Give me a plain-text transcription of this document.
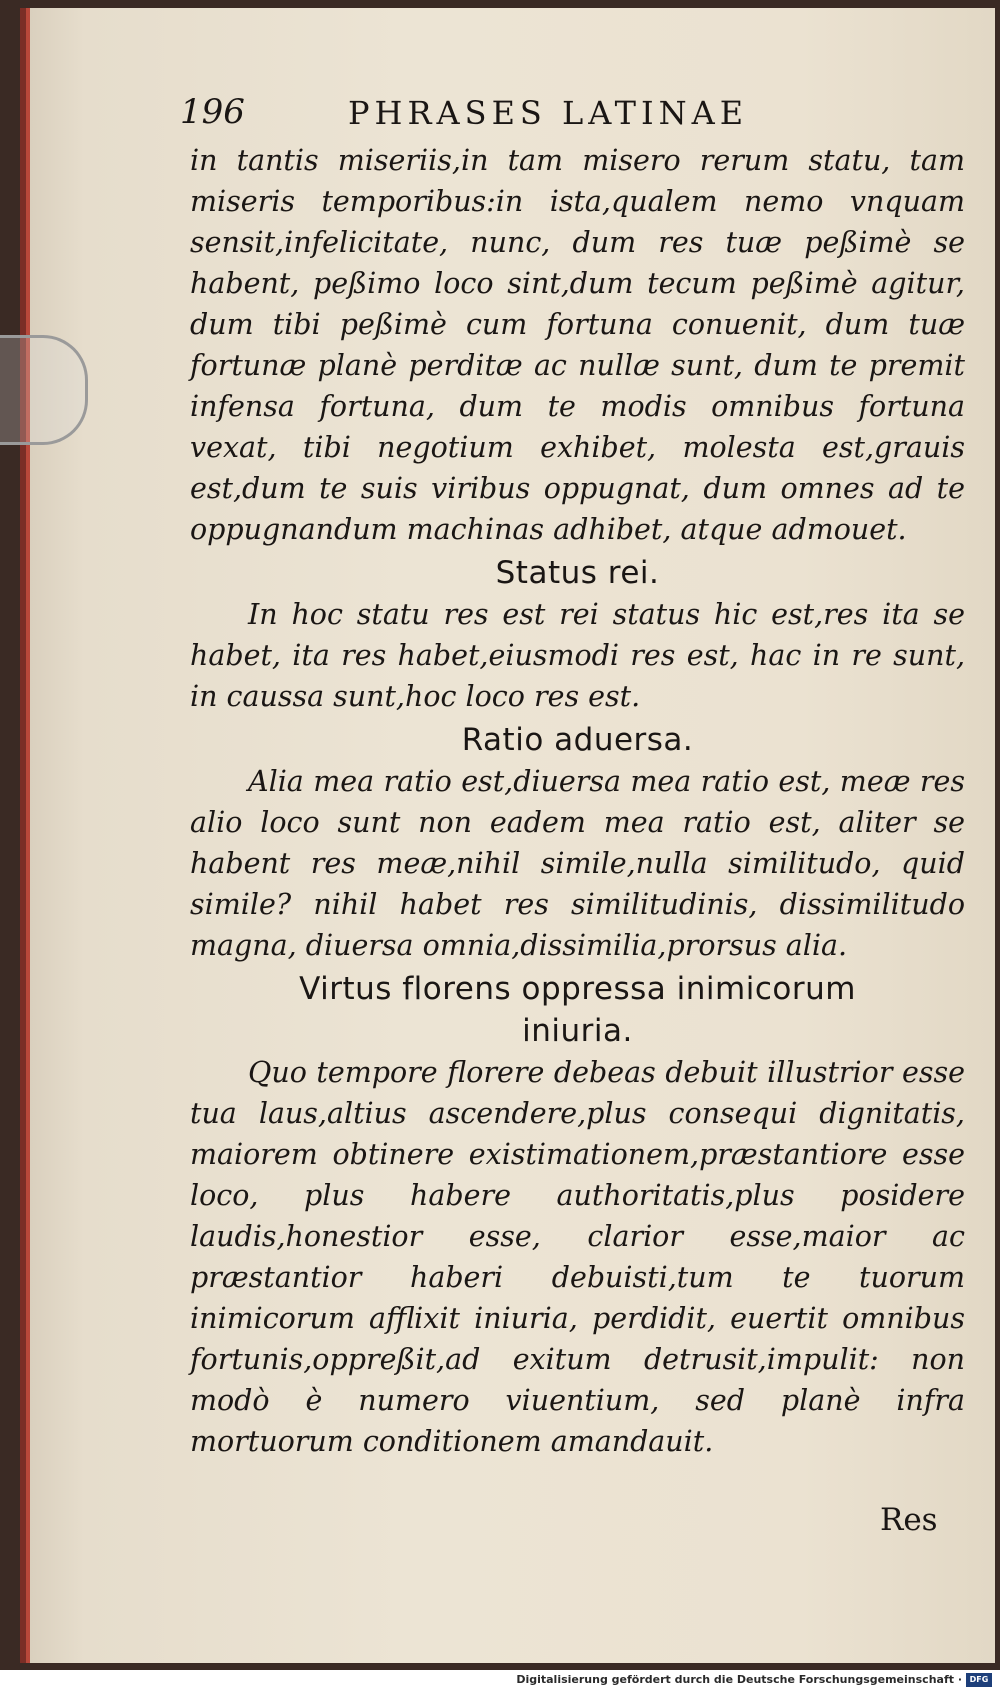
196	PHRASES LATINAE

in tantis miseriis,in tam misero rerum statu, tam miseris temporibus:in ista,qualem nemo vnquam sensit,infelicitate, nunc, dum res tuæ peßimè se habent, peßimo loco sint,dum tecum peßimè agitur, dum tibi peßimè cum fortuna conuenit, dum tuæ fortunæ planè perditæ ac nullæ sunt, dum te premit infensa fortuna, dum te modis omnibus fortuna vexat, tibi negotium exhibet, molesta est,grauis est,dum te suis viribus oppugnat, dum omnes ad te oppugnandum machinas adhibet, atque admouet.

Status rei.

In hoc statu res est rei status hic est,res ita se habet, ita res habet,eiusmodi res est, hac in re sunt, in caussa sunt,hoc loco res est.

Ratio aduersa.

Alia mea ratio est,diuersa mea ratio est, meæ res alio loco sunt non eadem mea ratio est, aliter se habent res meæ,nihil simile,nulla similitudo, quid simile? nihil habet res similitudinis, dissimilitudo magna, diuersa omnia,dissimilia,prorsus alia.

Virtus florens oppressa inimicorum iniuria.

Quo tempore florere debeas debuit illustrior esse tua laus,altius ascendere,plus consequi dignitatis, maiorem obtinere existimationem,præstantiore esse loco, plus habere authoritatis,plus posidere laudis,honestior esse, clarior esse,maior ac præstantior haberi debuisti,tum te tuorum inimicorum afflixit iniuria, perdidit, euertit omnibus fortunis,oppreßit,ad exitum detrusit,impulit: non modò è numero viuentium, sed planè infra mortuorum conditionem amandauit.

Res
Digitalisierung gefördert durch die Deutsche Forschungsgemeinschaft · DFG
